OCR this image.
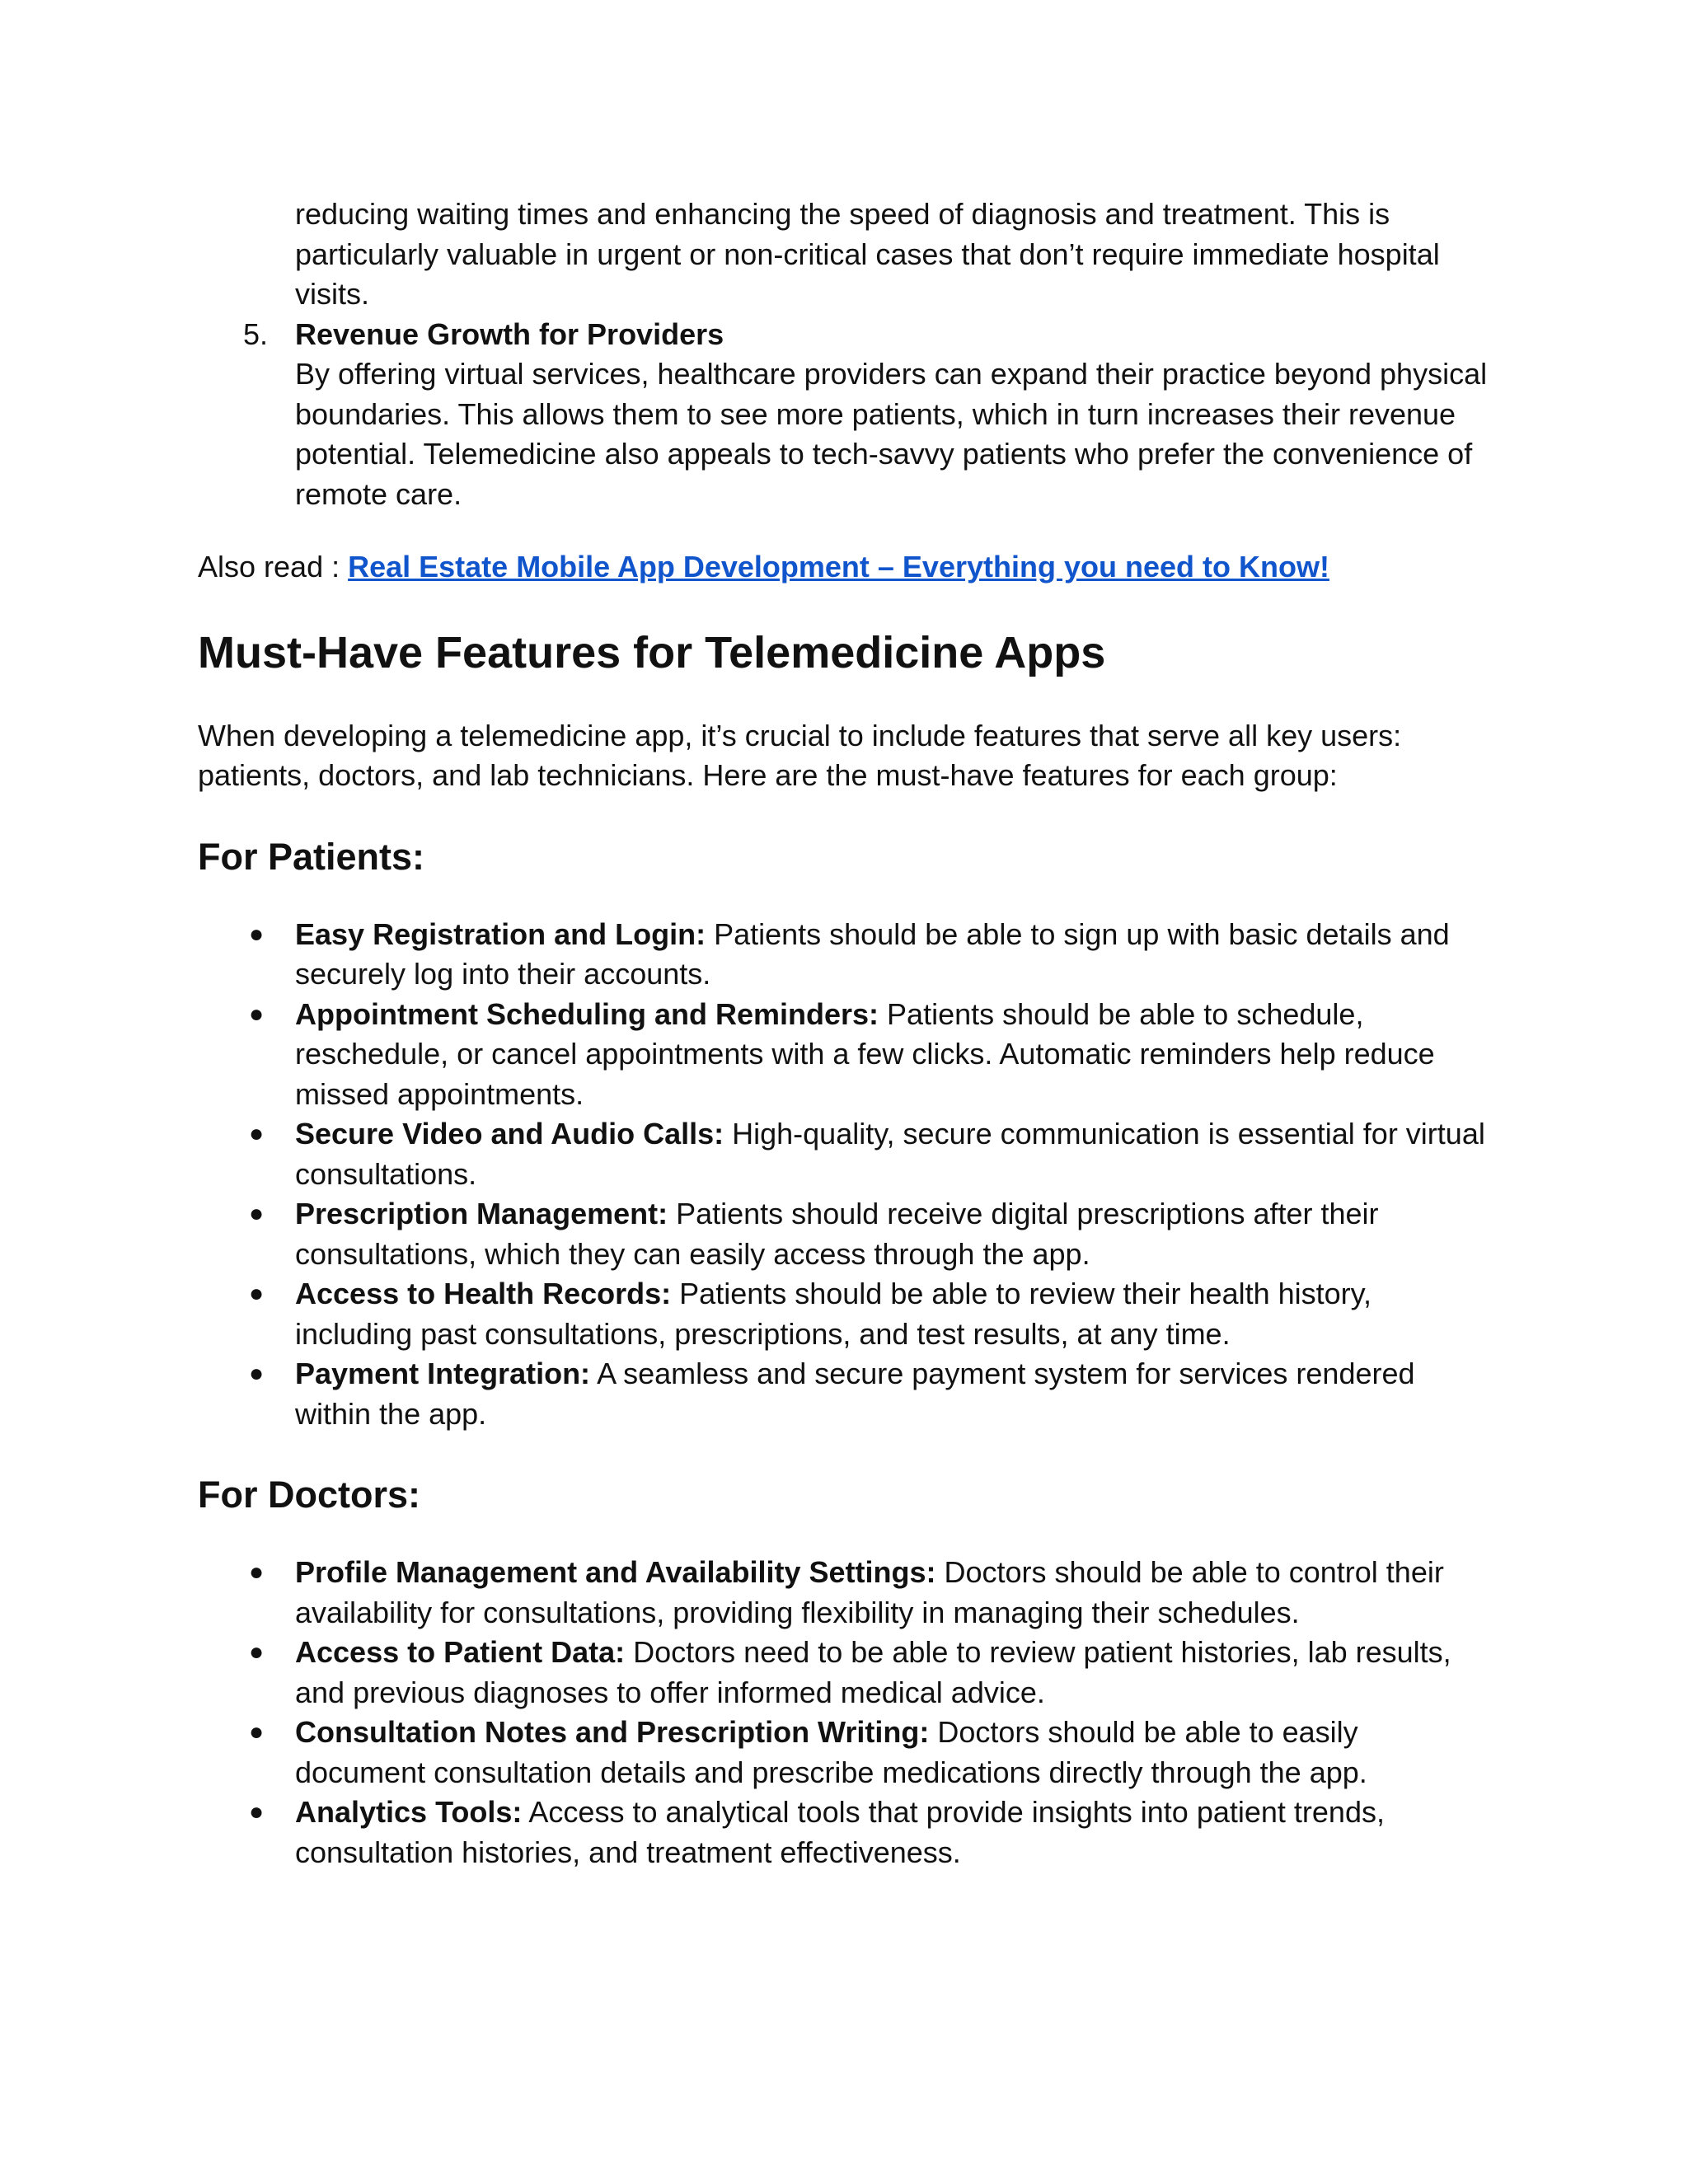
reducing waiting times and enhancing the speed of diagnosis and treatment. This is particularly valuable in urgent or non-critical cases that don’t require immediate hospital visits.

5. Revenue Growth for Providers
By offering virtual services, healthcare providers can expand their practice beyond physical boundaries. This allows them to see more patients, which in turn increases their revenue potential. Telemedicine also appeals to tech-savvy patients who prefer the convenience of remote care.

Also read : Real Estate Mobile App Development – Everything you need to Know!

Must-Have Features for Telemedicine Apps

When developing a telemedicine app, it’s crucial to include features that serve all key users: patients, doctors, and lab technicians. Here are the must-have features for each group:

For Patients:
● Easy Registration and Login: Patients should be able to sign up with basic details and securely log into their accounts.
● Appointment Scheduling and Reminders: Patients should be able to schedule, reschedule, or cancel appointments with a few clicks. Automatic reminders help reduce missed appointments.
● Secure Video and Audio Calls: High-quality, secure communication is essential for virtual consultations.
● Prescription Management: Patients should receive digital prescriptions after their consultations, which they can easily access through the app.
● Access to Health Records: Patients should be able to review their health history, including past consultations, prescriptions, and test results, at any time.
● Payment Integration: A seamless and secure payment system for services rendered within the app.
For Doctors:
● Profile Management and Availability Settings: Doctors should be able to control their availability for consultations, providing flexibility in managing their schedules.
● Access to Patient Data: Doctors need to be able to review patient histories, lab results, and previous diagnoses to offer informed medical advice.
● Consultation Notes and Prescription Writing: Doctors should be able to easily document consultation details and prescribe medications directly through the app.
● Analytics Tools: Access to analytical tools that provide insights into patient trends, consultation histories, and treatment effectiveness.
